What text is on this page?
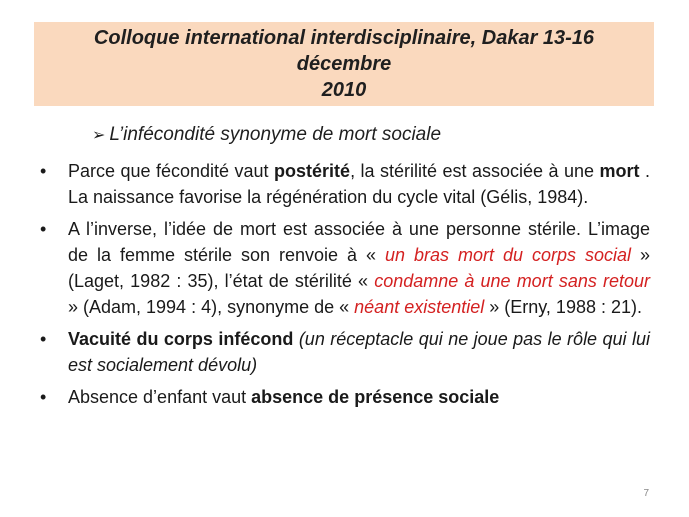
Colloque international interdisciplinaire, Dakar 13-16 décembre
2010
➢ L’infécondité synonyme de mort sociale
• Parce que fécondité vaut postérité, la stérilité est associée à une mort . La naissance favorise la régénération du cycle vital (Gélis, 1984).
• A l’inverse, l’idée de mort est associée à une personne stérile. L’image de la femme stérile son renvoie à « un bras mort du corps social » (Laget, 1982 : 35), l’état de stérilité « condamne à une mort sans retour » (Adam, 1994 : 4), synonyme de « néant existentiel » (Erny, 1988 : 21).
• Vacuité du corps infécond (un réceptacle qui ne joue pas le rôle qui lui est socialement dévolu)
• Absence d’enfant vaut absence de présence sociale
7
